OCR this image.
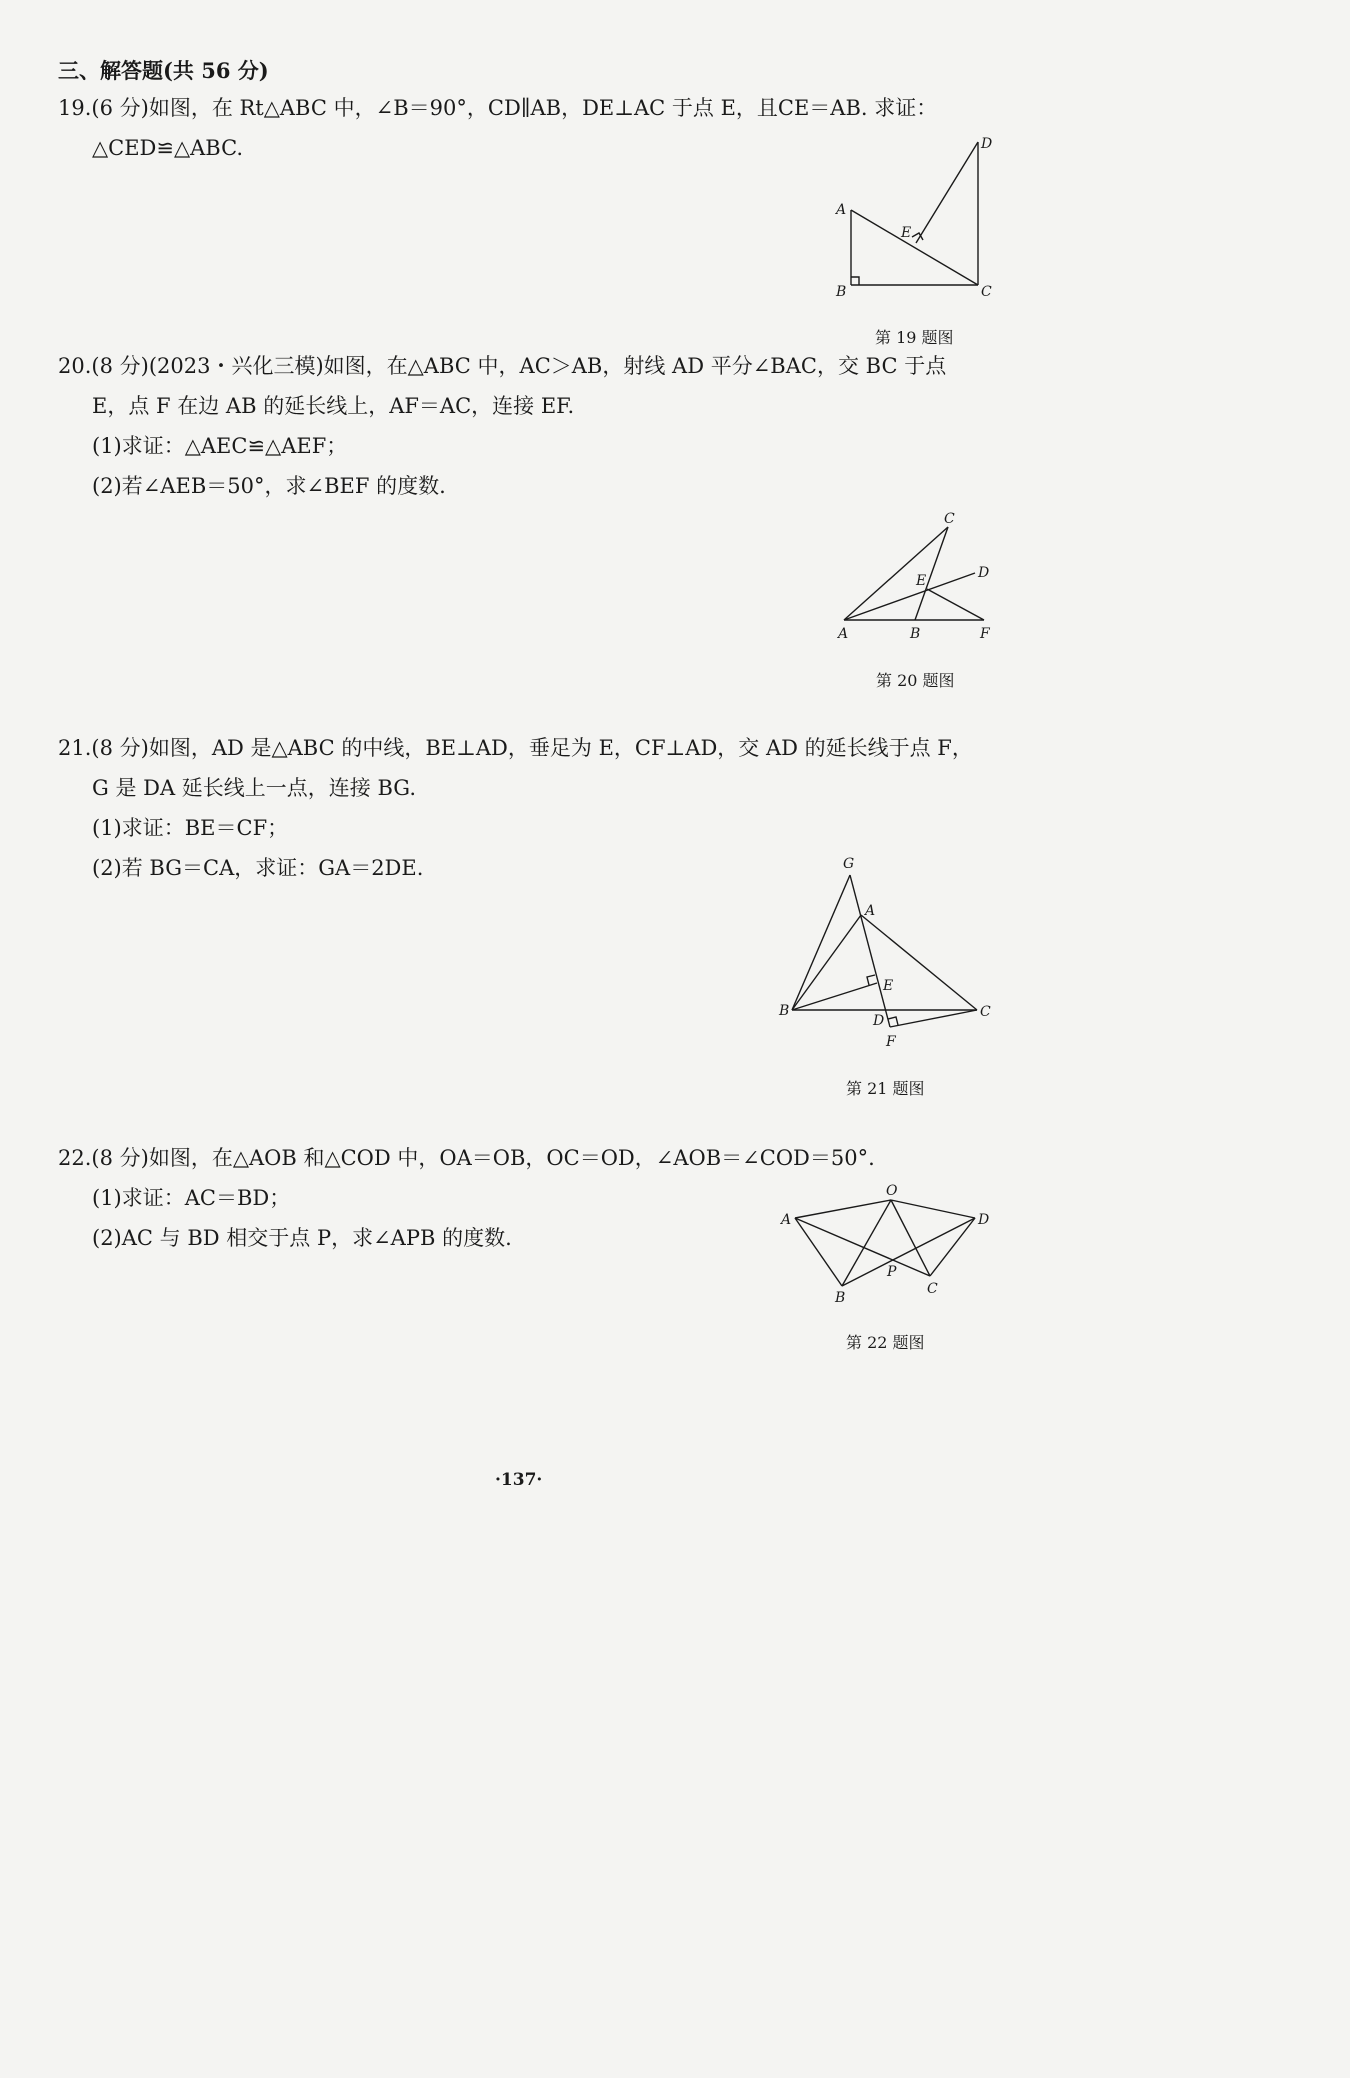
三、解答题(共 56 分)
19.(6 分)如图，在 Rt△ABC 中，∠B＝90°，CD∥AB，DE⊥AC 于点 E，且CE＝AB. 求证：
△CED≌△ABC.
A
B	C
D
E
第 19 题图
20.(8 分)(2023・兴化三模)如图，在△ABC 中，AC＞AB，射线 AD 平分∠BAC，交 BC 于点
E，点 F 在边 AB 的延长线上，AF＝AC，连接 EF.
(1)求证：△AEC≌△AEF；
(2)若∠AEB＝50°，求∠BEF 的度数.
A	B	F
C
D
E
第 20 题图
21.(8 分)如图，AD 是△ABC 的中线，BE⊥AD，垂足为 E，CF⊥AD，交 AD 的延长线于点 F，
G 是 DA 延长线上一点，连接 BG.
(1)求证：BE＝CF；
(2)若 BG＝CA，求证：GA＝2DE.	G
A
B	C
D
E
F
第 21 题图
22.(8 分)如图，在△AOB 和△COD 中，OA＝OB，OC＝OD，∠AOB＝∠COD＝50°.
(1)求证：AC＝BD；
(2)AC 与 BD 相交于点 P，求∠APB 的度数.
A
O
D
B
C
P
第 22 题图
·137·
